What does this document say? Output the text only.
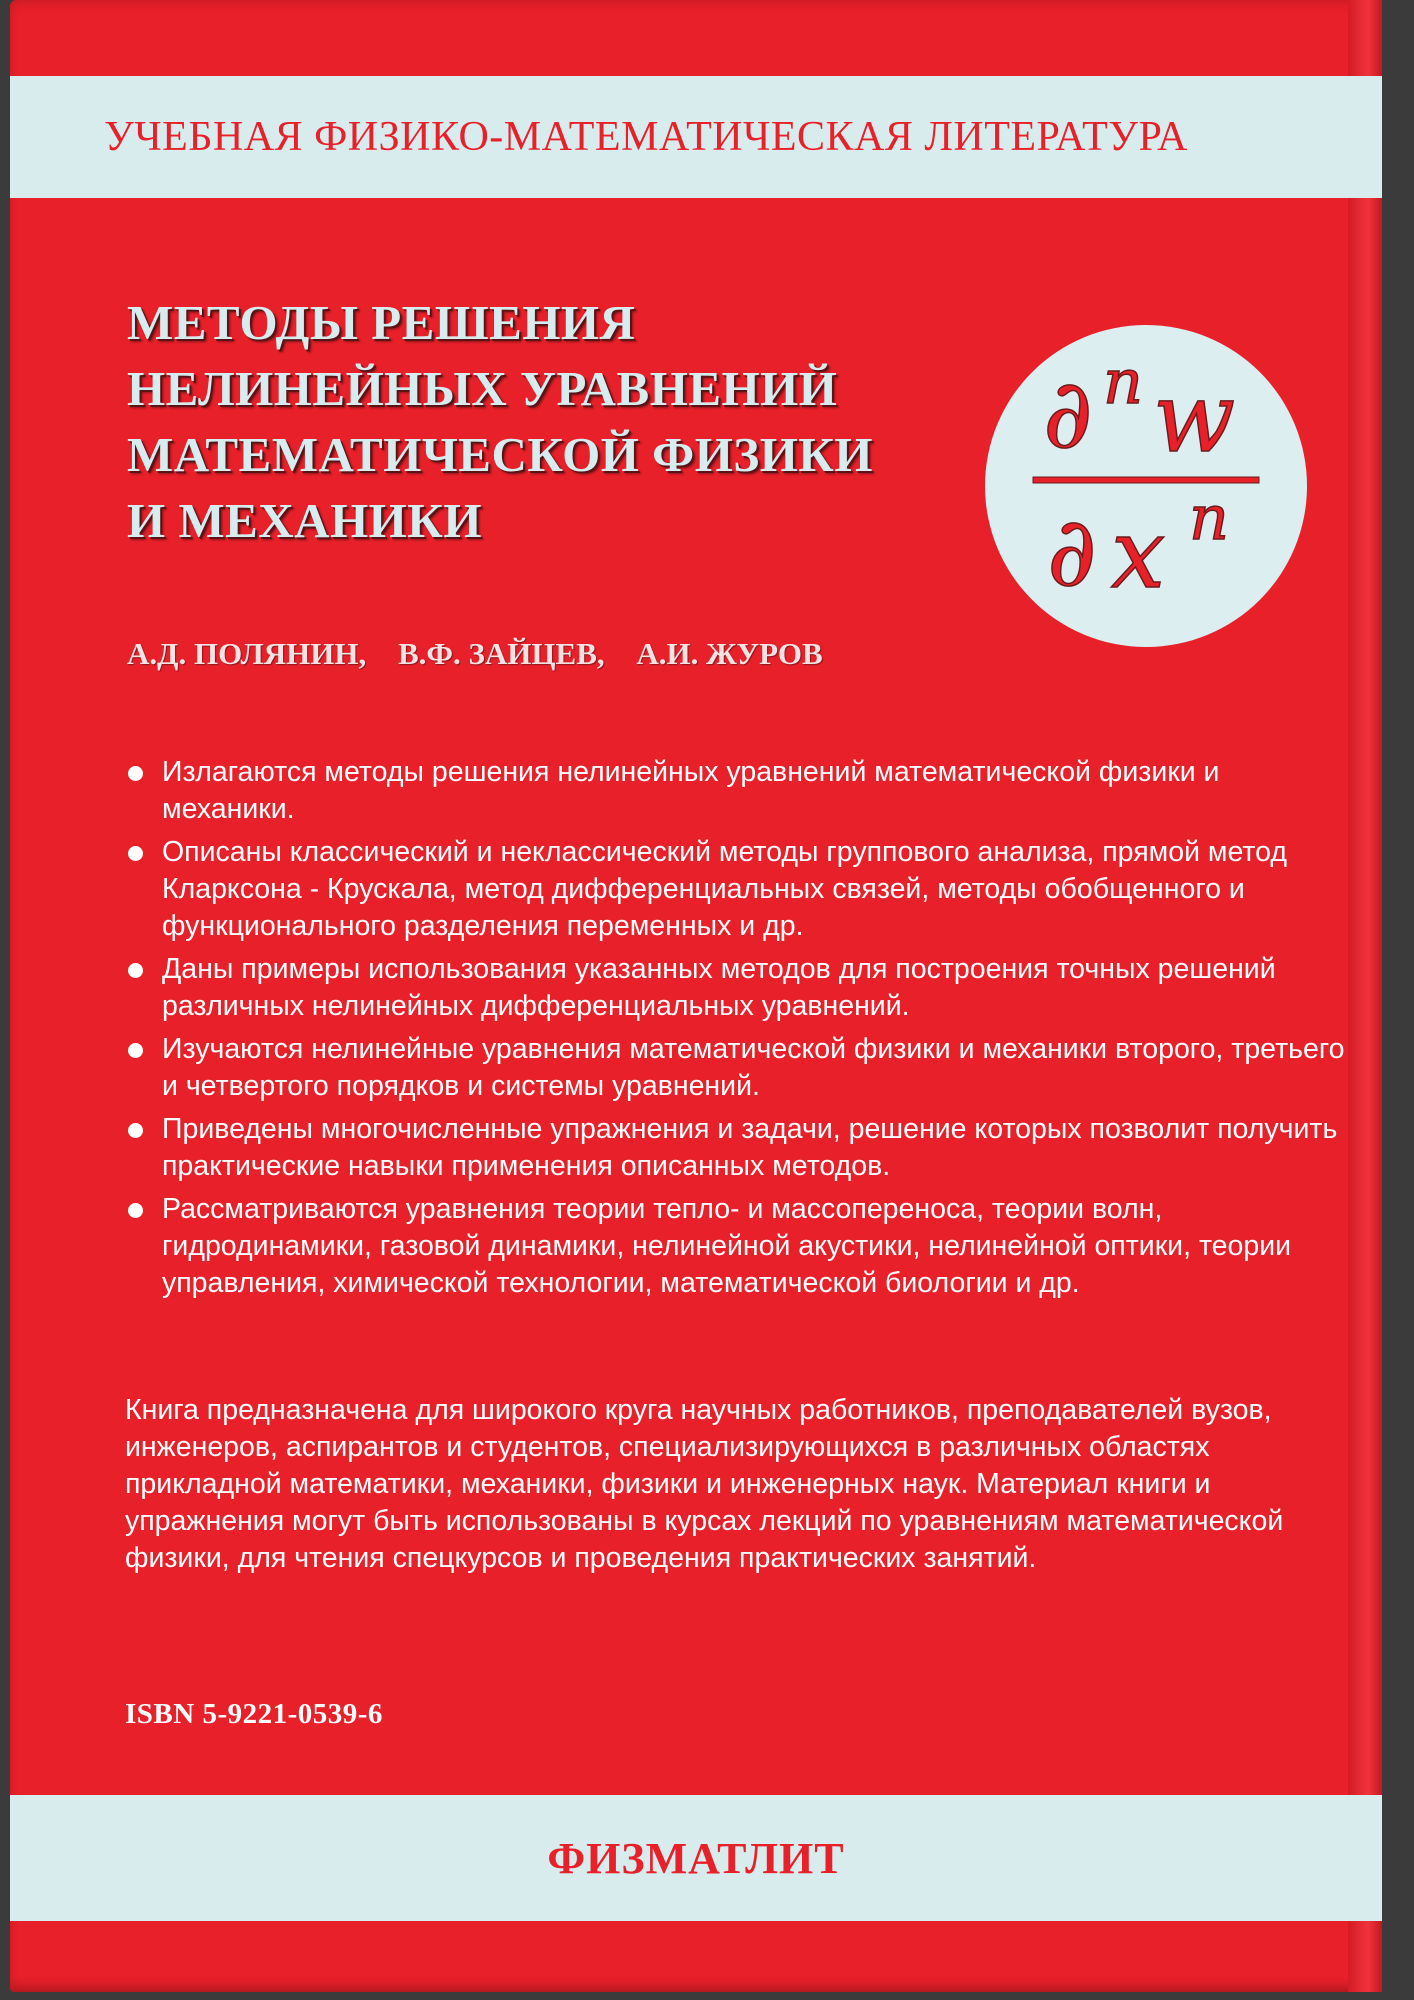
УЧЕБНАЯ ФИЗИКО-МАТЕМАТИЧЕСКАЯ ЛИТЕРАТУРА
МЕТОДЫ РЕШЕНИЯ
НЕЛИНЕЙНЫХ УРАВНЕНИЙ
МАТЕМАТИЧЕСКОЙ ФИЗИКИ
И МЕХАНИКИ
∂ n w
∂ x n
А.Д. ПОЛЯНИН, В.Ф. ЗАЙЦЕВ, А.И. ЖУРОВ
Излагаются методы решения нелинейных уравнений математической физики и механики.
Описаны классический и неклассический методы группового анализа, прямой метод Кларксона - Крускала, метод дифференциальных связей, методы обобщенного и функционального разделения переменных и др.
Даны примеры использования указанных методов для построения точных решений различных нелинейных дифференциальных уравнений.
Изучаются нелинейные уравнения математической физики и механики второго, третьего и четвертого порядков и системы уравнений.
Приведены многочисленные упражнения и задачи, решение которых позволит получить практические навыки применения описанных методов.
Рассматриваются уравнения теории тепло- и массопереноса, теории волн, гидродинамики, газовой динамики, нелинейной акустики, нелинейной оптики, теории управления, химической технологии, математической биологии и др.

Книга предназначена для широкого круга научных работников, преподавателей вузов, инженеров, аспирантов и студентов, специализирующихся в различных областях прикладной математики, механики, физики и инженерных наук. Материал книги и упражнения могут быть использованы в курсах лекций по уравнениям математической физики, для чтения спецкурсов и проведения практических занятий.

ISBN 5-9221-0539-6
ФИЗМАТЛИТ
